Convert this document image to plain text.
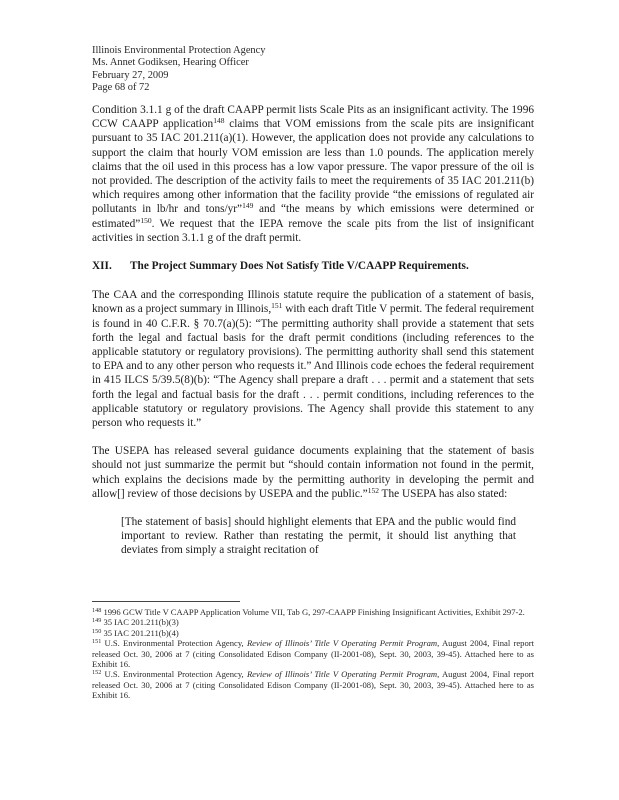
Illinois Environmental Protection Agency
Ms. Annet Godiksen, Hearing Officer
February 27, 2009
Page 68 of 72

Condition 3.1.1 g of the draft CAAPP permit lists Scale Pits as an insignificant activity. The 1996 CCW CAAPP application$^{148}$ claims that VOM emissions from the scale pits are insignificant pursuant to 35 IAC 201.211(a)(1). However, the application does not provide any calculations to support the claim that hourly VOM emission are less than 1.0 pounds. The application merely claims that the oil used in this process has a low vapor pressure. The vapor pressure of the oil is not provided. The description of the activity fails to meet the requirements of 35 IAC 201.211(b) which requires among other information that the facility provide “the emissions of regulated air pollutants in lb/hr and tons/yr”$^{149}$ and “the means by which emissions were determined or estimated”$^{150}$. We request that the IEPA remove the scale pits from the list of insignificant activities in section 3.1.1 g of the draft permit.

XII. The Project Summary Does Not Satisfy Title V/CAAPP Requirements.

The CAA and the corresponding Illinois statute require the publication of a statement of basis, known as a project summary in Illinois,$^{151}$ with each draft Title V permit. The federal requirement is found in 40 C.F.R. § 70.7(a)(5): “The permitting authority shall provide a statement that sets forth the legal and factual basis for the draft permit conditions (including references to the applicable statutory or regulatory provisions). The permitting authority shall send this statement to EPA and to any other person who requests it.” And Illinois code echoes the federal requirement in 415 ILCS 5/39.5(8)(b): “The Agency shall prepare a draft . . . permit and a statement that sets forth the legal and factual basis for the draft . . . permit conditions, including references to the applicable statutory or regulatory provisions. The Agency shall provide this statement to any person who requests it.”

The USEPA has released several guidance documents explaining that the statement of basis should not just summarize the permit but “should contain information not found in the permit, which explains the decisions made by the permitting authority in developing the permit and allow[] review of those decisions by USEPA and the public.”$^{152}$ The USEPA has also stated:

[The statement of basis] should highlight elements that EPA and the public would find important to review. Rather than restating the permit, it should list anything that deviates from simply a straight recitation of

$^{148}$ 1996 GCW Title V CAAPP Application Volume VII, Tab G, 297-CAAPP Finishing Insignificant Activities, Exhibit 297-2.
$^{149}$ 35 IAC 201.211(b)(3)
$^{150}$ 35 IAC 201.211(b)(4)
$^{151}$ U.S. Environmental Protection Agency, Review of Illinois’ Title V Operating Permit Program, August 2004, Final report released Oct. 30, 2006 at 7 (citing Consolidated Edison Company (II-2001-08), Sept. 30, 2003, 39-45). Attached here to as Exhibit 16.
$^{152}$ U.S. Environmental Protection Agency, Review of Illinois’ Title V Operating Permit Program, August 2004, Final report released Oct. 30, 2006 at 7 (citing Consolidated Edison Company (II-2001-08), Sept. 30, 2003, 39-45). Attached here to as Exhibit 16.
